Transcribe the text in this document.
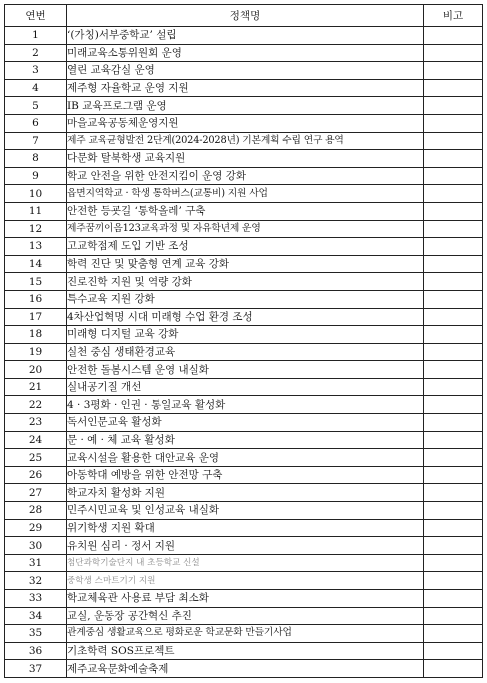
연번	정책명	비고
1	‘(가칭)서부중학교’ 설립	
2	미래교육소통위원회 운영	
3	열린 교육감실 운영	
4	제주형 자율학교 운영 지원	
5	IB 교육프로그램 운영	
6	마을교육공동체운영지원	
7	제주 교육균형발전 2단계(2024-2028년) 기본계획 수립 연구 용역	
8	다문화 탈북학생 교육지원	
9	학교 안전을 위한 안전지킴이 운영 강화	
10	읍면지역학교 · 학생 통학버스(교통비) 지원 사업	
11	안전한 등굣길 ‘통학올레’ 구축	
12	제주꿈끼이음123교육과정 및 자유학년제 운영	
13	고교학점제 도입 기반 조성	
14	학력 진단 및 맞춤형 연계 교육 강화	
15	진로진학 지원 및 역량 강화	
16	특수교육 지원 강화	
17	4차산업혁명 시대 미래형 수업 환경 조성	
18	미래형 디지털 교육 강화	
19	실천 중심 생태환경교육	
20	안전한 돌봄시스템 운영 내실화	
21	실내공기질 개선	
22	4 · 3평화 · 인권 · 통일교육 활성화	
23	독서인문교육 활성화	
24	문 · 예 · 체 교육 활성화	
25	교육시설을 활용한 대안교육 운영	
26	아동학대 예방을 위한 안전망 구축	
27	학교자치 활성화 지원	
28	민주시민교육 및 인성교육 내실화	
29	위기학생 지원 확대	
30	유치원 심리 · 정서 지원	
31	첨단과학기술단지 내 초등학교 신설	
32	중학생 스마트기기 지원	
33	학교체육관 사용료 부담 최소화	
34	교실, 운동장 공간혁신 추진	
35	관계중심 생활교육으로 평화로운 학교문화 만들기사업	
36	기초학력 SOS프로젝트	
37	제주교육문화예술축제	
